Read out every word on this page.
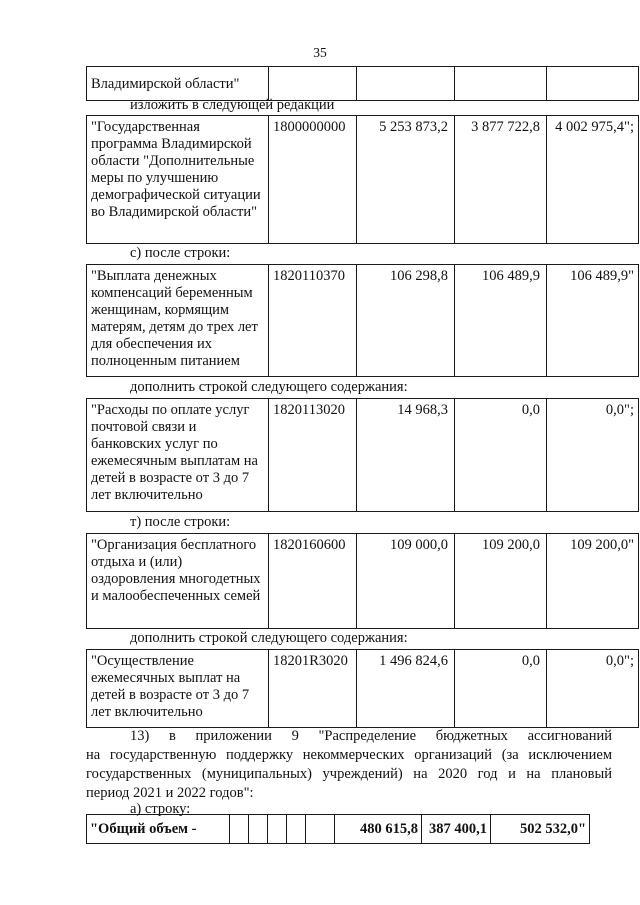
35
Владимирской области"				
изложить в следующей редакции
"Государственная программа Владимирской области "Дополнительные меры по улучшению демографической ситуации во Владимирской области"	1800000000	5 253 873,2	3 877 722,8	4 002 975,4";
с) после строки:
"Выплата денежных компенсаций беременным женщинам, кормящим матерям, детям до трех лет для обеспечения их полноценным питанием	1820110370	106 298,8	106 489,9	106 489,9"
дополнить строкой следующего содержания:
"Расходы по оплате услуг почтовой связи и банковских услуг по ежемесячным выплатам на детей в возрасте от 3 до 7 лет включительно	1820113020	14 968,3	0,0	0,0";
т) после строки:
"Организация бесплатного отдыха и (или) оздоровления многодетных и малообеспеченных семей	1820160600	109 000,0	109 200,0	109 200,0"
дополнить строкой следующего содержания:
"Осуществление ежемесячных выплат на детей в возрасте от 3 до 7 лет включительно	18201R3020	1 496 824,6	0,0	0,0";
13) в приложении 9 "Распределение бюджетных ассигнований
на государственную поддержку некоммерческих организаций (за исключением
государственных (муниципальных) учреждений) на 2020 год и на плановый
период 2021 и 2022 годов":
а) строку:
"Общий объем -						480 615,8	387 400,1	502 532,0"
